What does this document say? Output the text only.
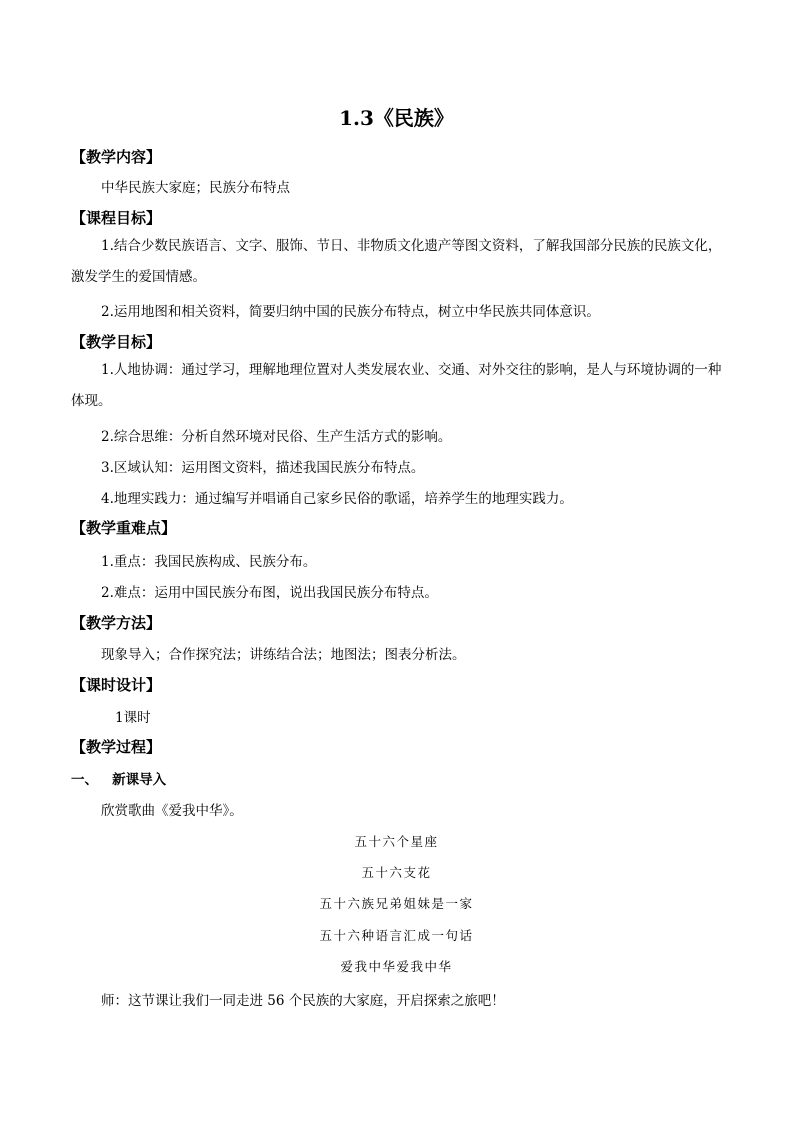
1.3《民族》
【教学内容】
中华民族大家庭；民族分布特点
【课程目标】
1.结合少数民族语言、文字、服饰、节日、非物质文化遗产等图文资料，了解我国部分民族的民族文化，激发学生的爱国情感。
2.运用地图和相关资料，简要归纳中国的民族分布特点，树立中华民族共同体意识。
【教学目标】
1.人地协调：通过学习，理解地理位置对人类发展农业、交通、对外交往的影响，是人与环境协调的一种体现。
2.综合思维：分析自然环境对民俗、生产生活方式的影响。
3.区域认知：运用图文资料，描述我国民族分布特点。
4.地理实践力：通过编写并唱诵自己家乡民俗的歌谣，培养学生的地理实践力。
【教学重难点】
1.重点：我国民族构成、民族分布。
2.难点：运用中国民族分布图，说出我国民族分布特点。
【教学方法】
现象导入；合作探究法；讲练结合法；地图法；图表分析法。
【课时设计】
1课时
【教学过程】
一、   新课导入
欣赏歌曲《爱我中华》。
五十六个星座
五十六支花
五十六族兄弟姐妹是一家
五十六种语言汇成一句话
爱我中华爱我中华
师：这节课让我们一同走进 56 个民族的大家庭，开启探索之旅吧！
